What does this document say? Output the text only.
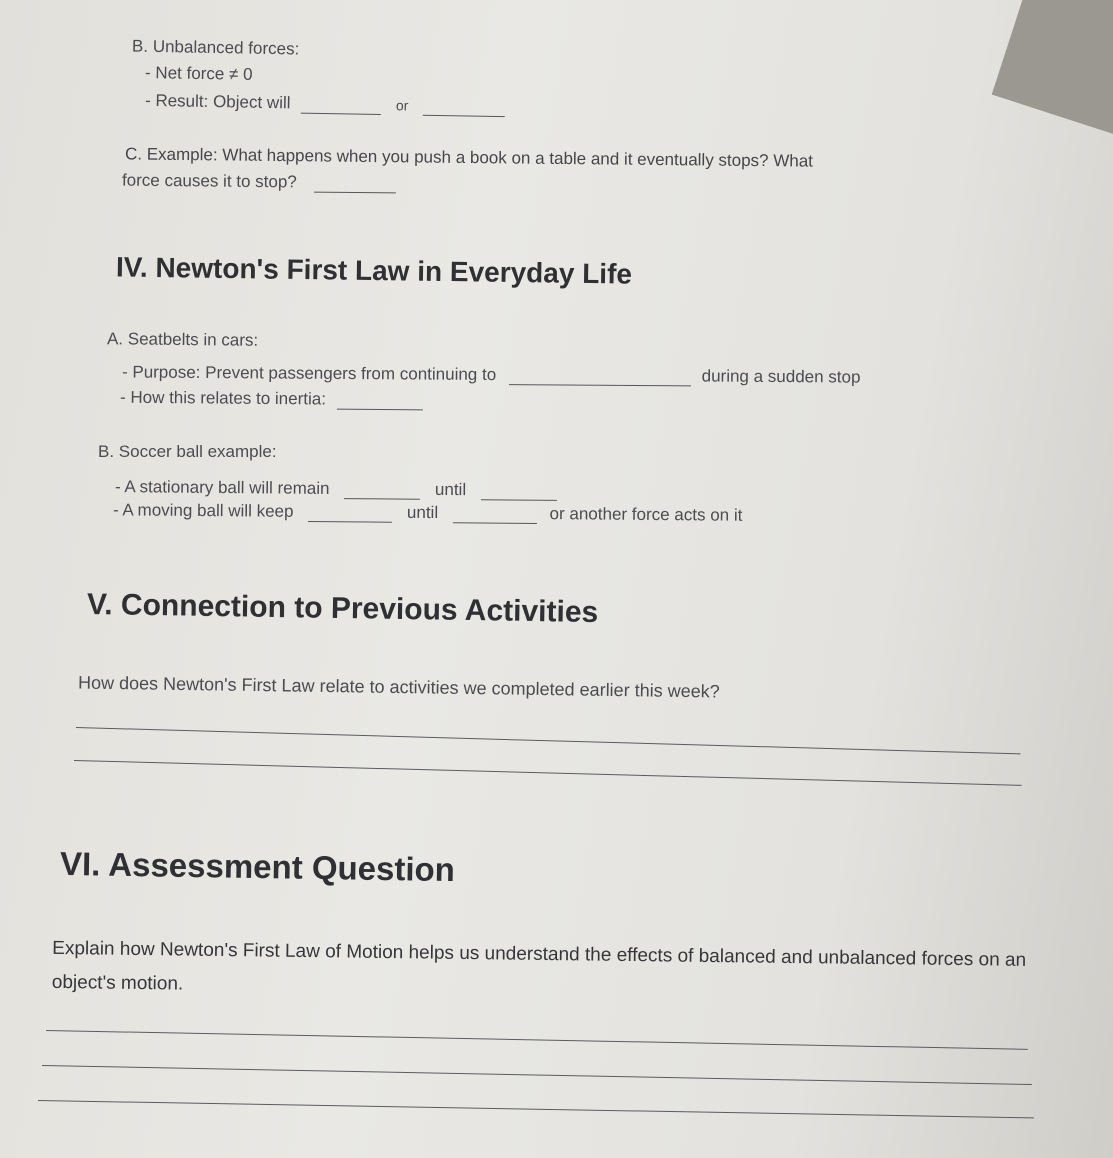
B. Unbalanced forces:
- Net force ≠ 0
- Result: Object will	or
C. Example: What happens when you push a book on a table and it eventually stops? What
force causes it to stop?
IV. Newton's First Law in Everyday Life
A. Seatbelts in cars:
- Purpose: Prevent passengers from continuing to	during a sudden stop
- How this relates to inertia:
B. Soccer ball example:
- A stationary ball will remain	until
- A moving ball will keep	until	or another force acts on it
V. Connection to Previous Activities
How does Newton's First Law relate to activities we completed earlier this week?
VI. Assessment Question
Explain how Newton's First Law of Motion helps us understand the effects of balanced and unbalanced forces on an object's motion.
